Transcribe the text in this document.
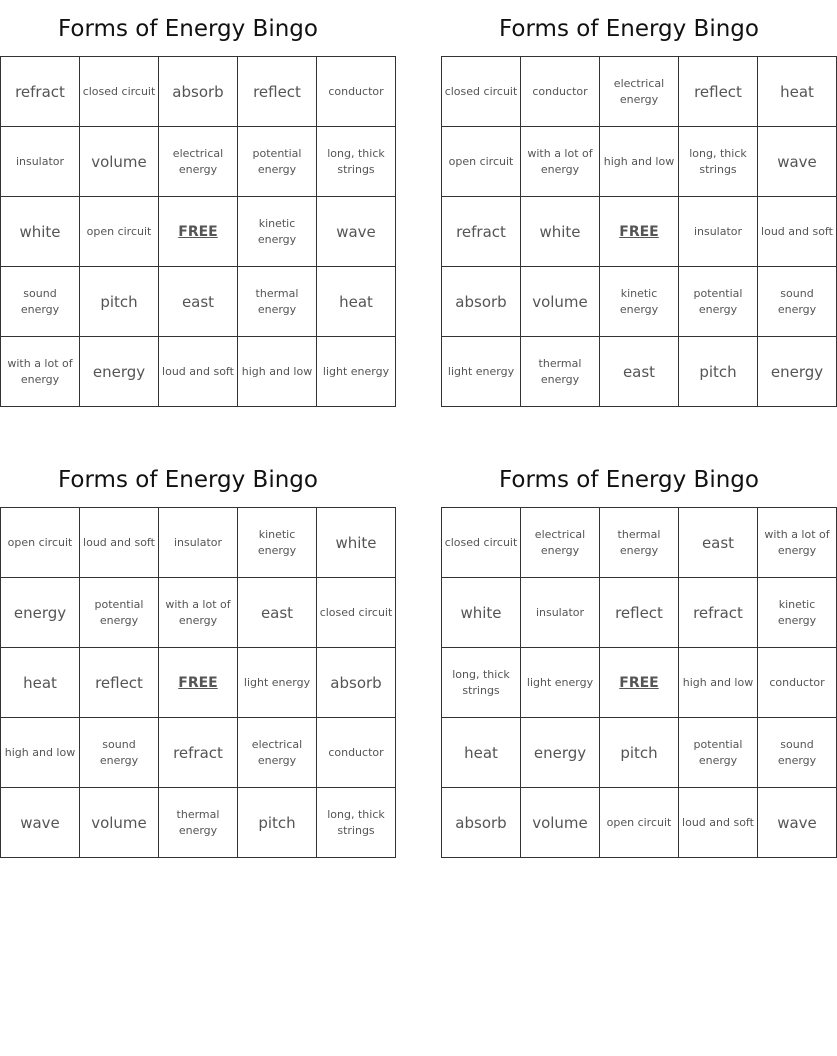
Forms of Energy Bingo
refract	closed circuit	absorb	reflect	conductor
insulator	volume	electrical energy	potential energy	long, thick strings
white	open circuit	FREE	kinetic energy	wave
sound energy	pitch	east	thermal energy	heat
with a lot of energy	energy	loud and soft	high and low	light energy
Forms of Energy Bingo
closed circuit	conductor	electrical energy	reflect	heat
open circuit	with a lot of energy	high and low	long, thick strings	wave
refract	white	FREE	insulator	loud and soft
absorb	volume	kinetic energy	potential energy	sound energy
light energy	thermal energy	east	pitch	energy
Forms of Energy Bingo
open circuit	loud and soft	insulator	kinetic energy	white
energy	potential energy	with a lot of energy	east	closed circuit
heat	reflect	FREE	light energy	absorb
high and low	sound energy	refract	electrical energy	conductor
wave	volume	thermal energy	pitch	long, thick strings
Forms of Energy Bingo
closed circuit	electrical energy	thermal energy	east	with a lot of energy
white	insulator	reflect	refract	kinetic energy
long, thick strings	light energy	FREE	high and low	conductor
heat	energy	pitch	potential energy	sound energy
absorb	volume	open circuit	loud and soft	wave
